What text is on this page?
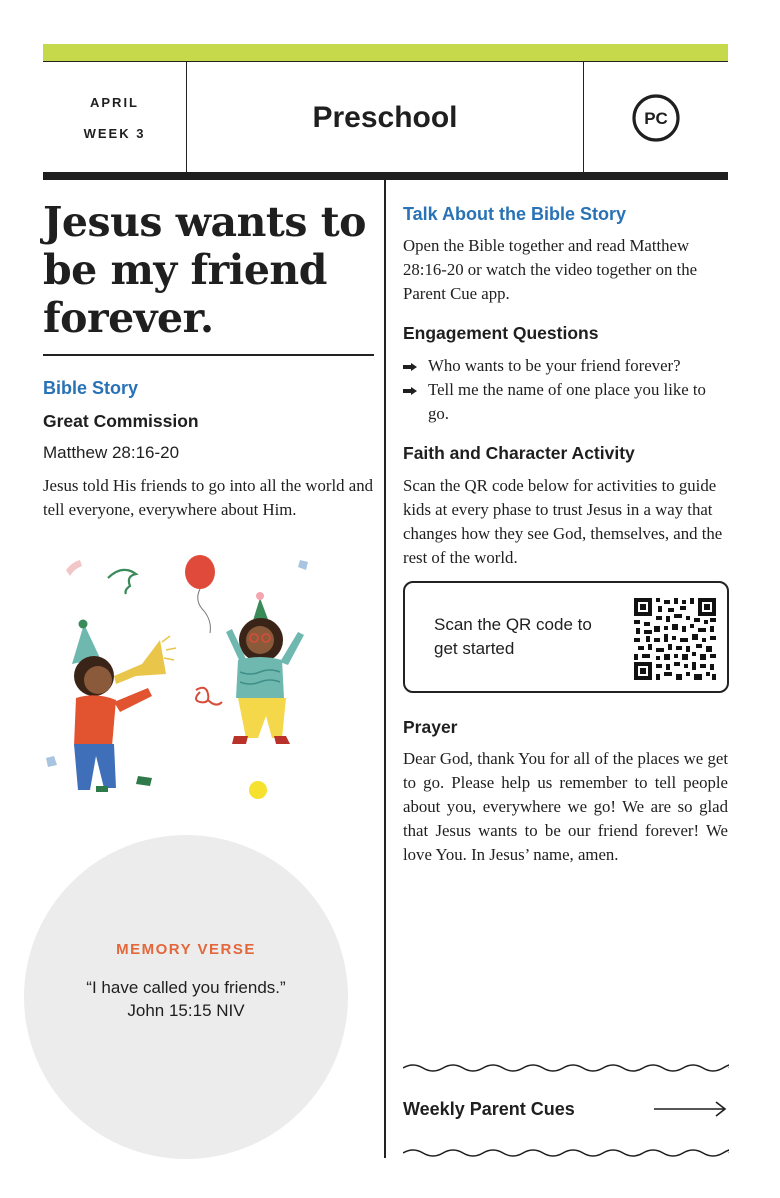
APRIL
WEEK 3	Preschool	PC
Jesus wants to
be my friend
forever.
Bible Story
Great Commission
Matthew 28:16-20
Jesus told His friends to go into all the world and tell everyone, everywhere about Him.
MEMORY VERSE
“I have called you friends.”
John 15:15 NIV
Talk About the Bible Story
Open the Bible together and read Matthew 28:16-20 or watch the video together on the Parent Cue app.
Engagement Questions
Who wants to be your friend forever?
Tell me the name of one place you like to go.
Faith and Character Activity
Scan the QR code below for activities to guide kids at every phase to trust Jesus in a way that changes how they see God, themselves, and the rest of the world.
Scan the QR code to get started
Prayer
Dear God, thank You for all of the places we get to go. Please help us remember to tell people about you, everywhere we go! We are so glad that Jesus wants to be our friend forever! We love You. In Jesus’ name, amen.
Weekly Parent Cues
